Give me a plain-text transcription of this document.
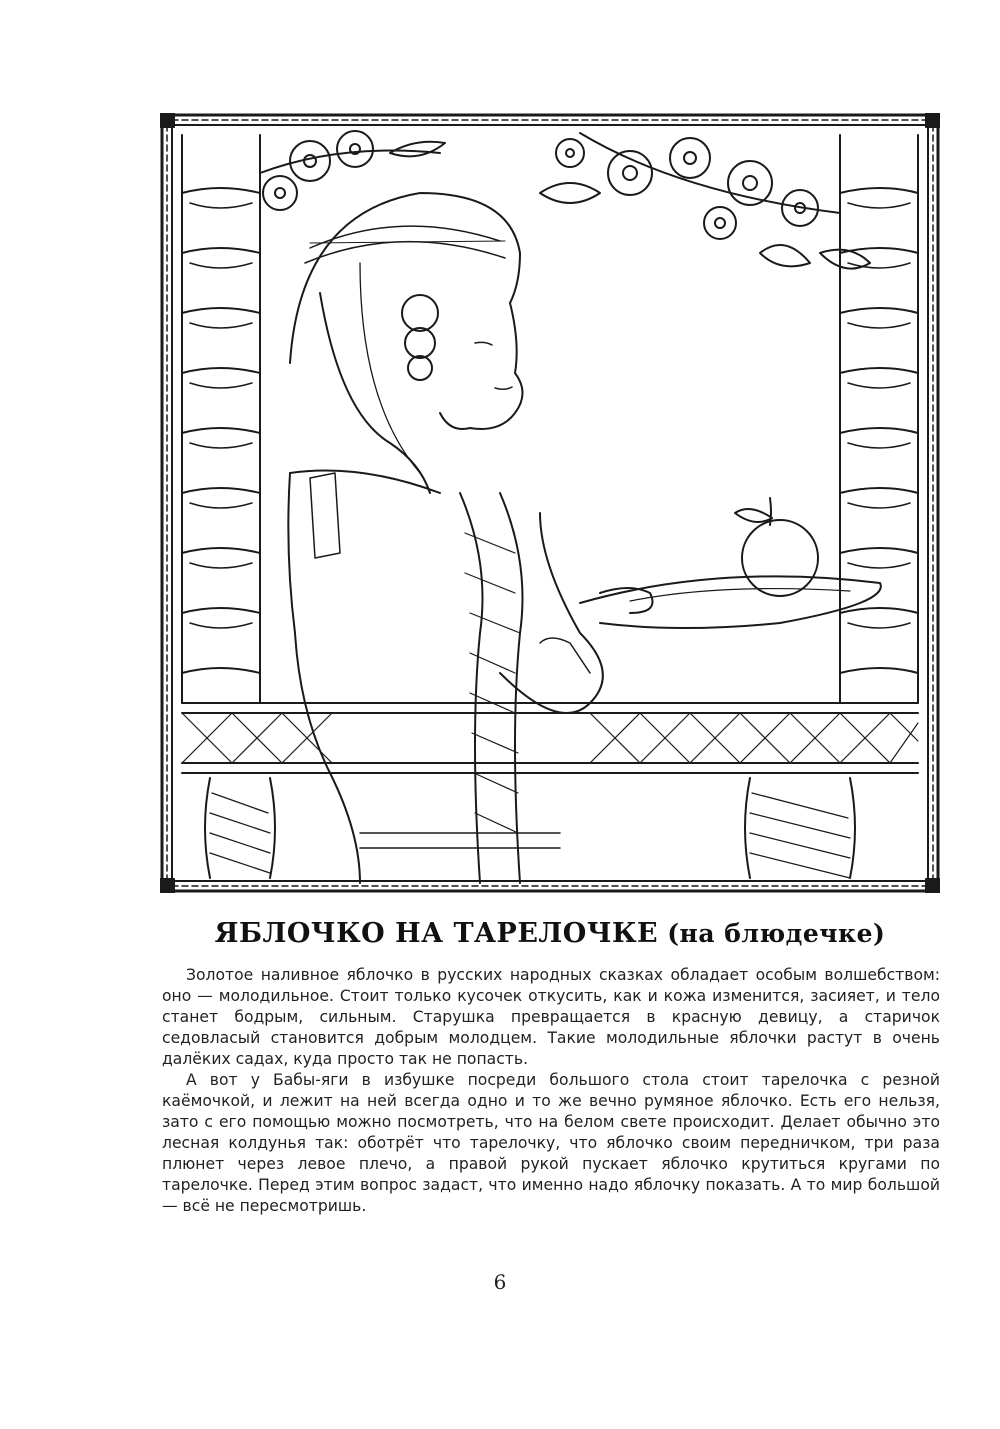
ЯБЛОЧКО НА ТАРЕЛОЧКЕ (на блюдечке)

Золотое наливное яблочко в русских народных сказках обладает особым волшебством: оно — молодильное. Стоит только кусочек откусить, как и кожа изменится, засияет, и тело станет бодрым, сильным. Старушка превращается в красную девицу, а старичок седовласый становится добрым молодцем. Такие молодильные яблочки растут в очень далёких садах, куда просто так не попасть.

А вот у Бабы-яги в избушке посреди большого стола стоит тарелочка с резной каёмочкой, и лежит на ней всегда одно и то же вечно румяное яблочко. Есть его нельзя, зато с его помощью можно посмотреть, что на белом свете происходит. Делает обычно это лесная колдунья так: оботрёт что тарелочку, что яблочко своим передничком, три раза плюнет через левое плечо, а правой рукой пускает яблочко крутиться кругами по тарелочке. Перед этим вопрос задаст, что именно надо яблочку показать. А то мир большой — всё не пересмотришь.

6
